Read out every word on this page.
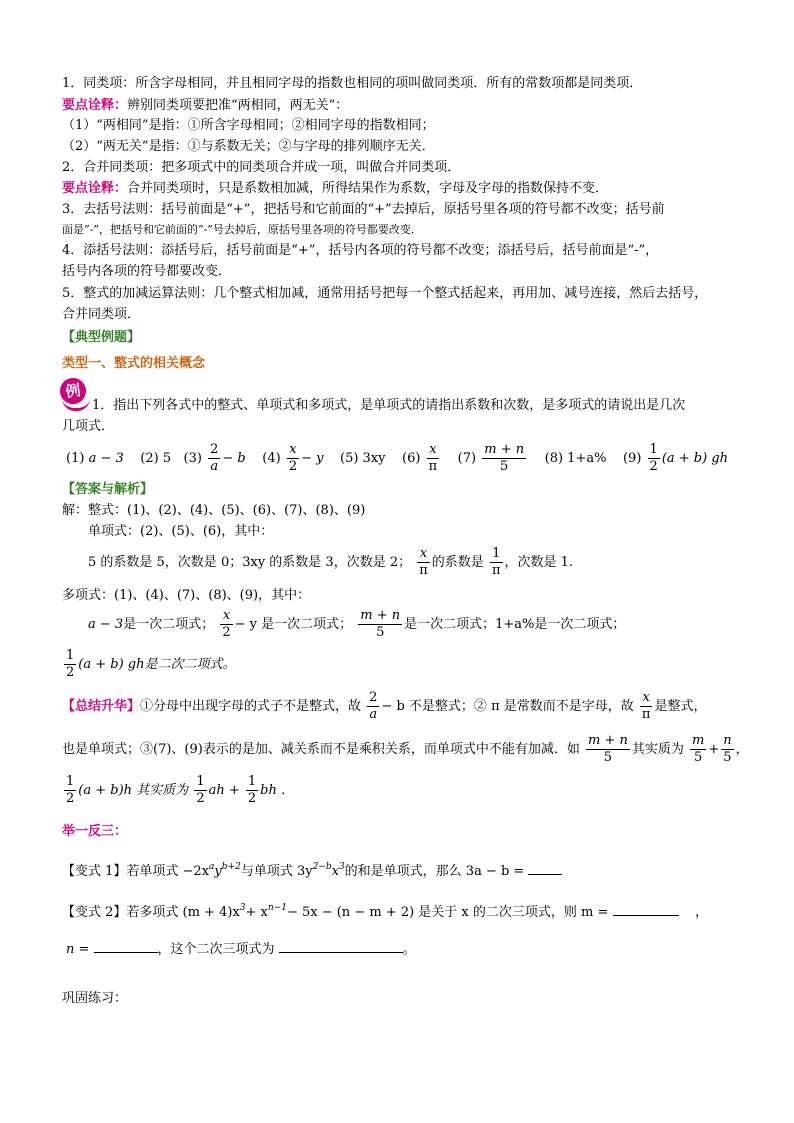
1．同类项：所含字母相同，并且相同字母的指数也相同的项叫做同类项．所有的常数项都是同类项．
要点诠释：辨别同类项要把准“两相同，两无关”：
（1）“两相同”是指：①所含字母相同；②相同字母的指数相同；
（2）“两无关”是指：①与系数无关；②与字母的排列顺序无关．
2．合并同类项：把多项式中的同类项合并成一项，叫做合并同类项．
要点诠释：合并同类项时，只是系数相加减，所得结果作为系数，字母及字母的指数保持不变．
3．去括号法则：括号前面是“+”，把括号和它前面的“+”去掉后，原括号里各项的符号都不改变；括号前
面是“-”，把括号和它前面的“-”号去掉后，原括号里各项的符号都要改变．
4．添括号法则：添括号后，括号前面是“+”，括号内各项的符号都不改变；添括号后，括号前面是“-”，
括号内各项的符号都要改变．
5．整式的加减运算法则：几个整式相加减，通常用括号把每一个整式括起来，再用加、减号连接，然后去括号，
合并同类项．
【典型例题】
类型一、整式的相关概念
例
1．指出下列各式中的整式、单项式和多项式，是单项式的请指出系数和次数，是多项式的请说出是几次
几项式．
(1) a − 3 (2) 5 $(3) \frac{2}{a} - b$ $(4) \frac{x}{2} - y$ (5) 3xy $(6) \frac{x}{\pi} (7) \frac{m + n}{5} (8)$ 1+a% $(9) \frac{1}{2} (a + b)$ gh
【答案与解析】
解：整式：(1)、(2)、(4)、(5)、(6)、(7)、(8)、(9)
单项式：(2)、(5)、(6)，其中：
5 的系数是 5，次数是 0；3xy 的系数是 3，次数是 2； $\frac{x}{\pi}$ 的系数是 $\frac{1}{\pi}$ ，次数是 1.
多项式：(1)、(4)、(7)、(8)、(9)，其中：
a − 3是一次二项式； $\frac{x}{2} - y$ 是一次二项式； $\frac{m + n}{5}$ 是一次二项式；1+a%是一次二项式；
$\frac{1}{2} (a + b)$ gh是二次二项式。
【总结升华】①分母中出现字母的式子不是整式，故 $\frac{2}{a} - b$ 不是整式；② π 是常数而不是字母，故 $\frac{x}{\pi}$ 是整式，
也是单项式；③(7)、(9)表示的是加、减关系而不是乘积关系，而单项式中不能有加减．如 $\frac{m + n}{5}$ 其实质为 $\frac{m}{5} + \frac{n}{5}$ ，
$\frac{1}{2} (a + b)h$ 其实质为 $\frac{1}{2}$ ah + $\frac{1}{2}$ bh ．
举一反三：
【变式 1】若单项式 $-2x^ay^{b+2}$与单项式 $3y^{2-b}x^3$的和是单项式，那么 3a − b =
【变式 2】若多项式 $(m + 4)x^3+ x^{n-1}- 5x - (n - m + 2)$ 是关于 x 的二次三项式，则 m =	，
n =	，这个二次三项式为	。
巩固练习：
